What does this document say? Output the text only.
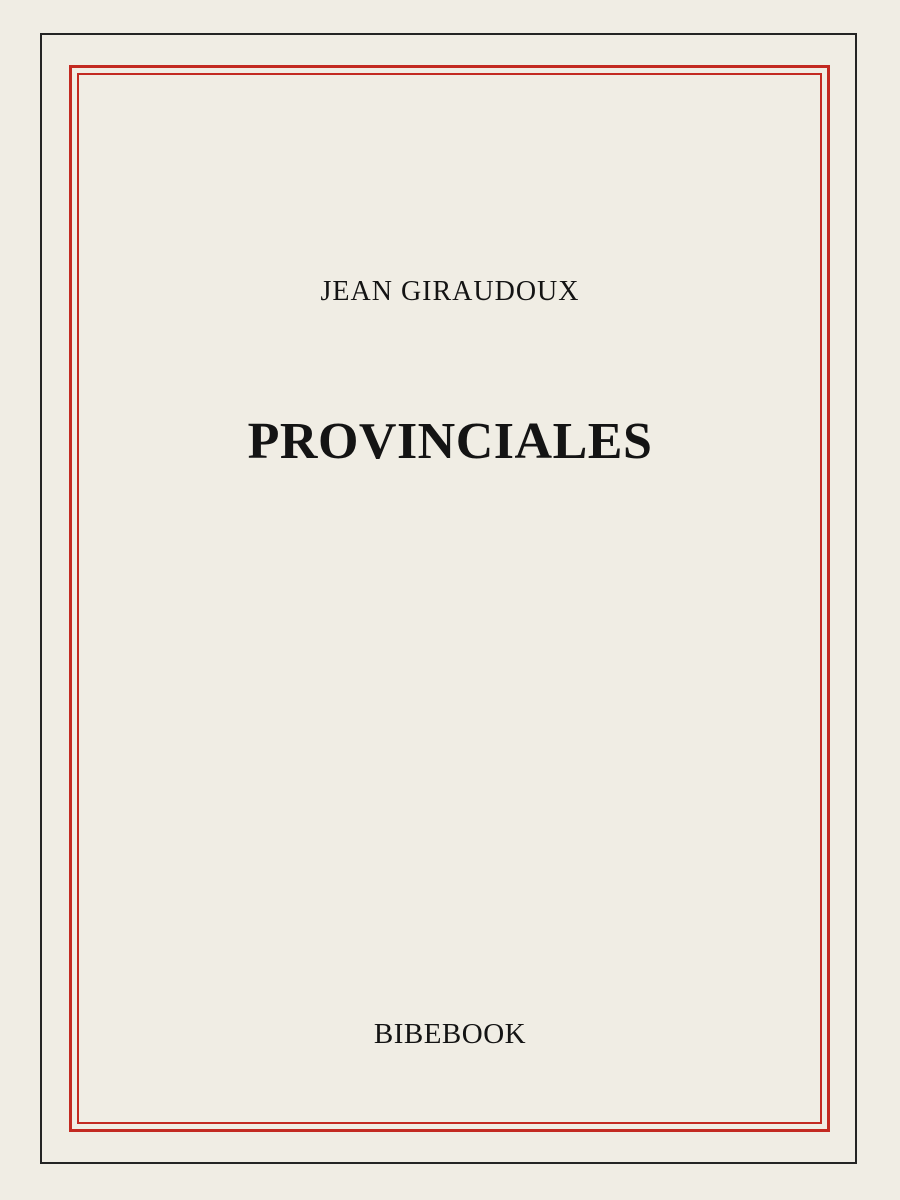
JEAN GIRAUDOUX
PROVINCIALES
BIBEBOOK
